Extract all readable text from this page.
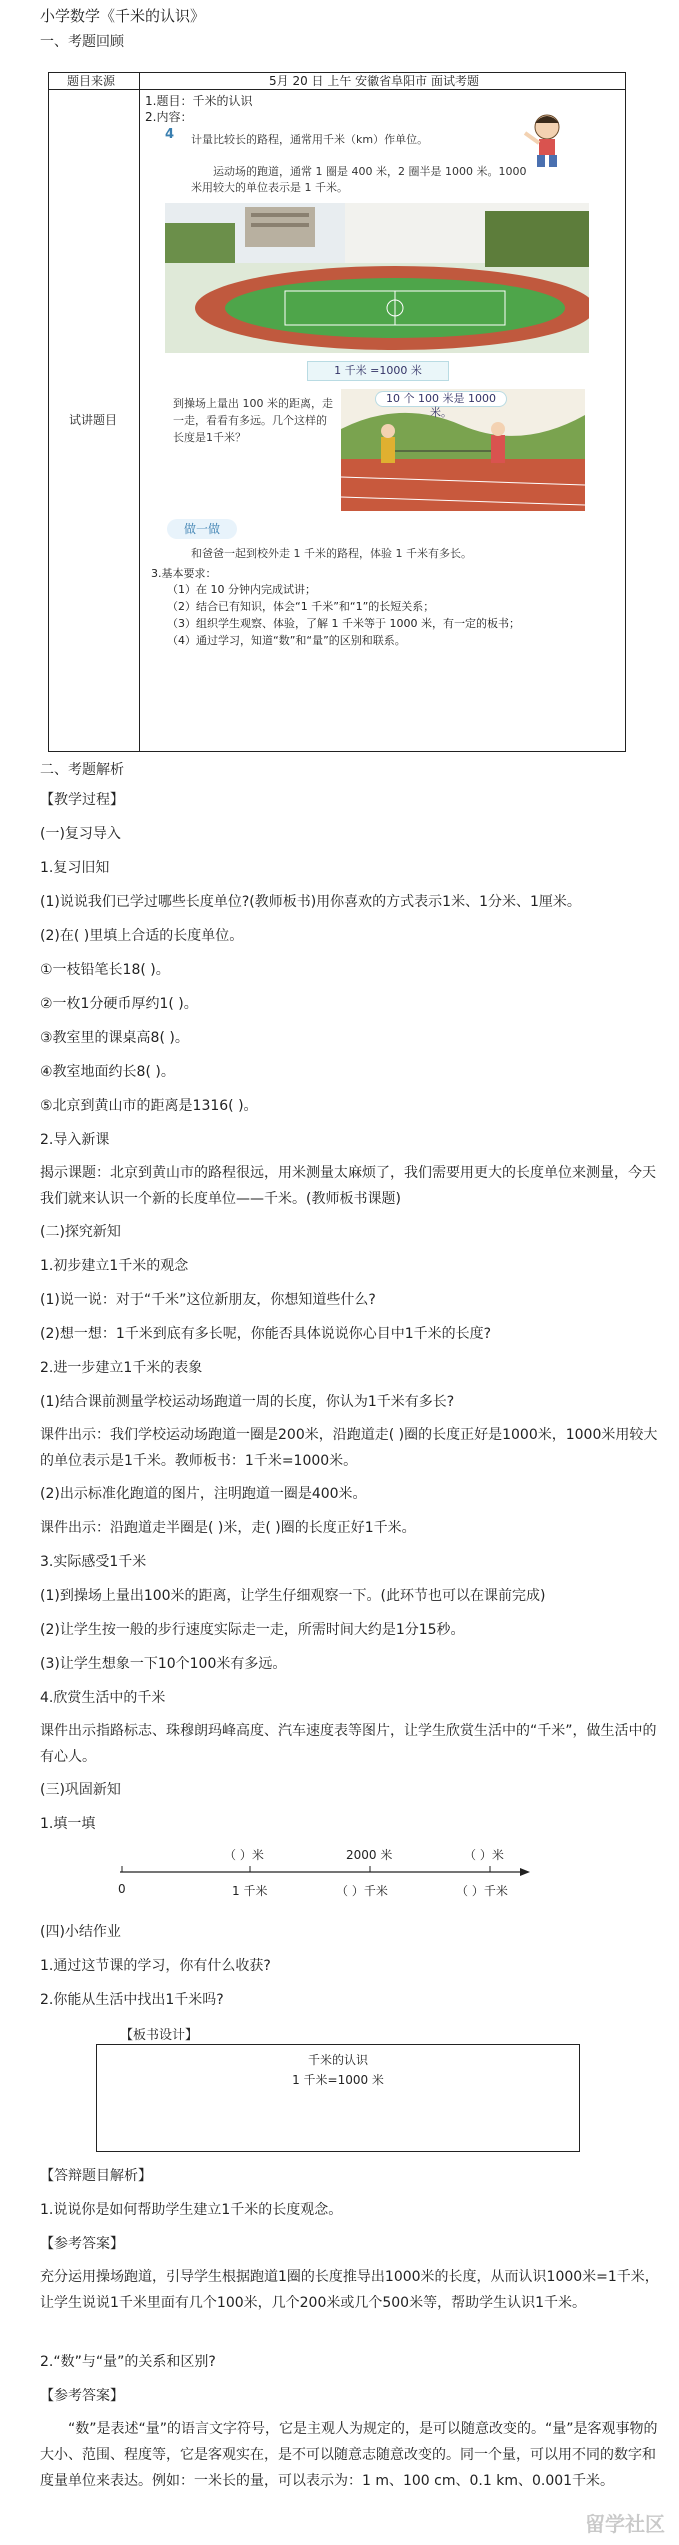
小学数学《千米的认识》
一、考题回顾
题目来源	5月 20 日 上午 安徽省阜阳市 面试考题
试讲题目
1.题目：千米的认识
2.内容：
4	计量比较长的路程，通常用千米（km）作单位。
运动场的跑道，通常 1 圈是 400 米，2 圈半是 1000 米。1000
米用较大的单位表示是 1 千米。
1 千米 =1000 米
到操场上量出 100 米的距离，走一走，看看有多远。几个这样的长度是1千米？
10 个 100 米是 1000 米。
做一做
和爸爸一起到校外走 1 千米的路程，体验 1 千米有多长。
3.基本要求：
（1）在 10 分钟内完成试讲；
（2）结合已有知识，体会“1 千米”和“1”的长短关系；
（3）组织学生观察、体验，了解 1 千米等于 1000 米，有一定的板书；
（4）通过学习，知道“数”和“量”的区别和联系。
二、考题解析
【教学过程】
(一)复习导入
1.复习旧知
(1)说说我们已学过哪些长度单位?(教师板书)用你喜欢的方式表示1米、1分米、1厘米。
(2)在( )里填上合适的长度单位。
①一枝铅笔长18( )。
②一枚1分硬币厚约1( )。
③教室里的课桌高8( )。
④教室地面约长8( )。
⑤北京到黄山市的距离是1316( )。
2.导入新课
揭示课题：北京到黄山市的路程很远，用米测量太麻烦了，我们需要用更大的长度单位来测量，今天我们就来认识一个新的长度单位——千米。(教师板书课题)
(二)探究新知
1.初步建立1千米的观念
(1)说一说：对于“千米”这位新朋友，你想知道些什么?
(2)想一想：1千米到底有多长呢，你能否具体说说你心目中1千米的长度?
2.进一步建立1千米的表象
(1)结合课前测量学校运动场跑道一周的长度，你认为1千米有多长?
课件出示：我们学校运动场跑道一圈是200米，沿跑道走( )圈的长度正好是1000米，1000米用较大的单位表示是1千米。教师板书：1千米=1000米。
(2)出示标准化跑道的图片，注明跑道一圈是400米。
课件出示：沿跑道走半圈是( )米，走( )圈的长度正好1千米。
3.实际感受1千米
(1)到操场上量出100米的距离，让学生仔细观察一下。(此环节也可以在课前完成)
(2)让学生按一般的步行速度实际走一走，所需时间大约是1分15秒。
(3)让学生想象一下10个100米有多远。
4.欣赏生活中的千米
课件出示指路标志、珠穆朗玛峰高度、汽车速度表等图片，让学生欣赏生活中的“千米”，做生活中的有心人。
(三)巩固新知
1.填一填
（ ）米	2000 米	（ ）米
0	1 千米	（ ）千米	（ ）千米
(四)小结作业
1.通过这节课的学习，你有什么收获?
2.你能从生活中找出1千米吗?
【板书设计】
千米的认识
1 千米=1000 米
【答辩题目解析】
1.说说你是如何帮助学生建立1千米的长度观念。
【参考答案】
充分运用操场跑道，引导学生根据跑道1圈的长度推导出1000米的长度，从而认识1000米=1千米，让学生说说1千米里面有几个100米，几个200米或几个500米等，帮助学生认识1千米。
2.“数”与“量”的关系和区别?
【参考答案】
“数”是表述“量”的语言文字符号，它是主观人为规定的，是可以随意改变的。“量”是客观事物的大小、范围、程度等，它是客观实在，是不可以随意志随意改变的。同一个量，可以用不同的数字和度量单位来表达。例如：一米长的量，可以表示为：1 m、100 cm、0.1 km、0.001千米。
留学社区
